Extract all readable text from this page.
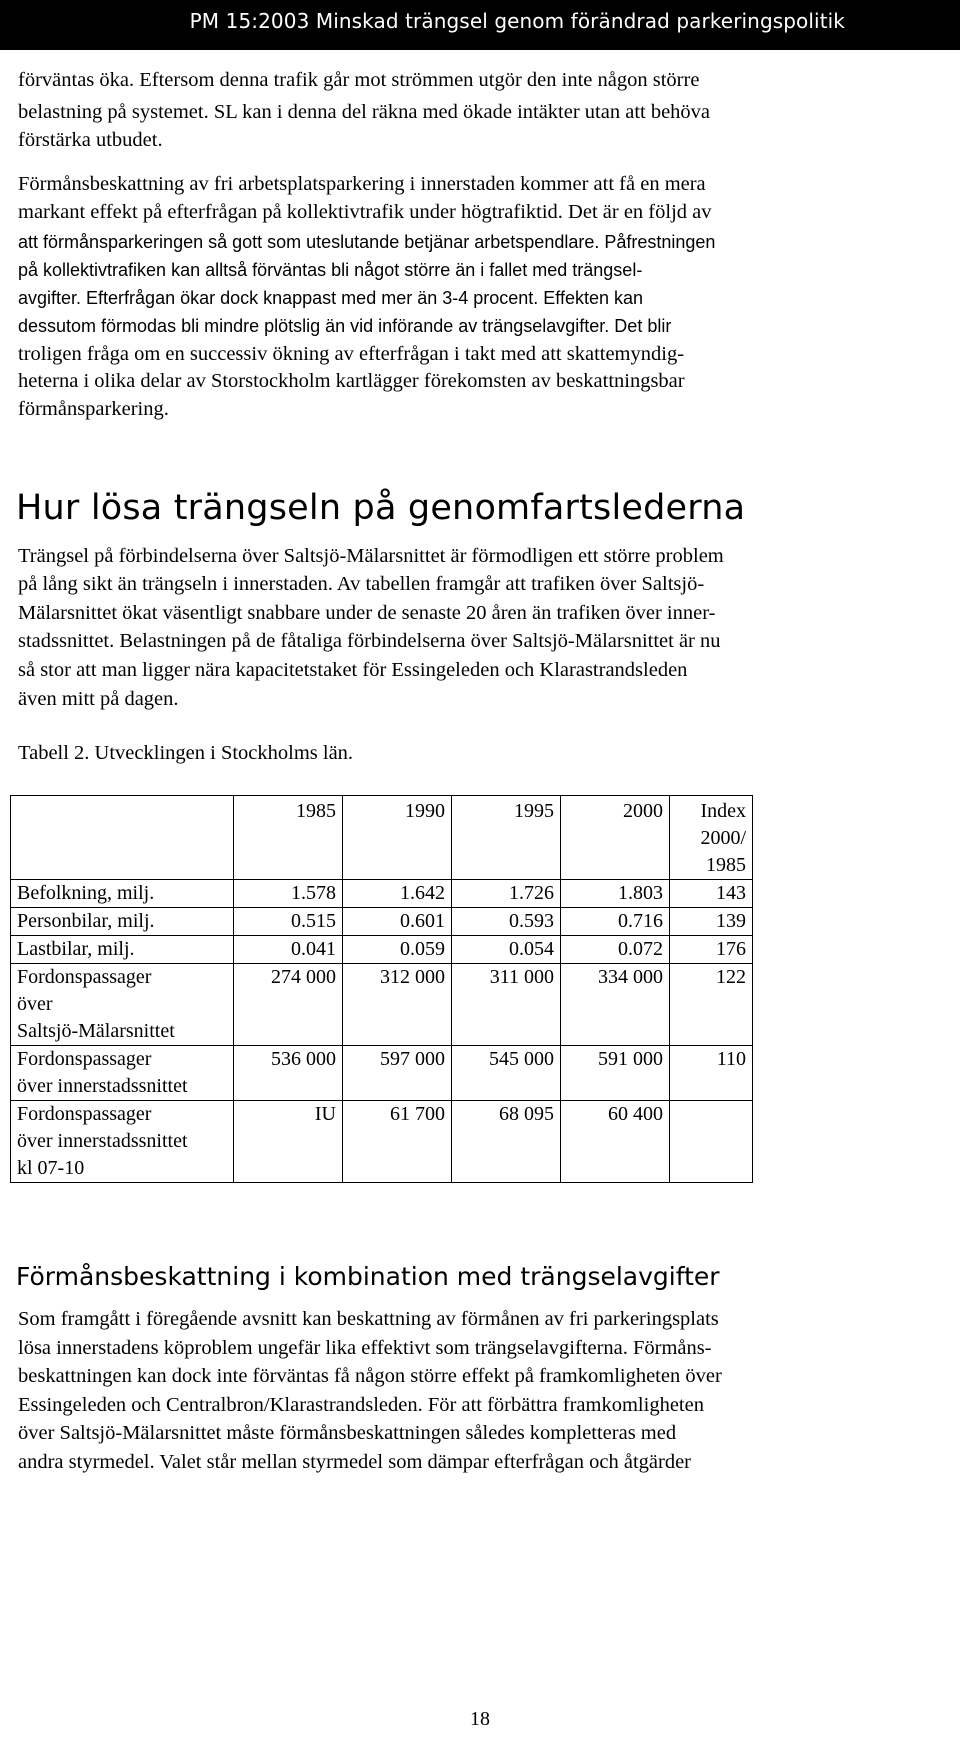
PM 15:2003 Minskad trängsel genom förändrad parkeringspolitik
förväntas öka. Eftersom denna trafik går mot strömmen utgör den inte någon större
belastning på systemet. SL kan i denna del räkna med ökade intäkter utan att behöva
förstärka utbudet.
Förmånsbeskattning av fri arbetsplatsparkering i innerstaden kommer att få en mera
markant effekt på efterfrågan på kollektivtrafik under högtrafiktid. Det är en följd av
att förmånsparkeringen så gott som uteslutande betjänar arbetspendlare. Påfrestningen
på kollektivtrafiken kan alltså förväntas bli något större än i fallet med trängsel-
avgifter. Efterfrågan ökar dock knappast med mer än 3-4 procent. Effekten kan
dessutom förmodas bli mindre plötslig än vid införande av trängselavgifter. Det blir
troligen fråga om en successiv ökning av efterfrågan i takt med att skattemyndig-
heterna i olika delar av Storstockholm kartlägger förekomsten av beskattningsbar
förmånsparkering.
Hur lösa trängseln på genomfartslederna
Trängsel på förbindelserna över Saltsjö-Mälarsnittet är förmodligen ett större problem
på lång sikt än trängseln i innerstaden. Av tabellen framgår att trafiken över Saltsjö-
Mälarsnittet ökat väsentligt snabbare under de senaste 20 åren än trafiken över inner-
stadssnittet. Belastningen på de fåtaliga förbindelserna över Saltsjö-Mälarsnittet är nu
så stor att man ligger nära kapacitetstaket för Essingeleden och Klarastrandsleden
även mitt på dagen.
Tabell 2. Utvecklingen i Stockholms län.
	1985	1990	1995	2000	Index
2000/
1985

Befolkning, milj.	1.578	1.642	1.726	1.803	143
Personbilar, milj.	0.515	0.601	0.593	0.716	139
Lastbilar, milj.	0.041	0.059	0.054	0.072	176

Fordonspassager
över
Saltsjö-Mälarsnittet	274 000	312 000	311 000	334 000	122

Fordonspassager
över innerstadssnittet	536 000	597 000	545 000	591 000	110

Fordonspassager
över innerstadssnittet
kl 07-10	IU	61 700	68 095	60 400	
Förmånsbeskattning i kombination med trängselavgifter
Som framgått i föregående avsnitt kan beskattning av förmånen av fri parkeringsplats
lösa innerstadens köproblem ungefär lika effektivt som trängselavgifterna. Förmåns-
beskattningen kan dock inte förväntas få någon större effekt på framkomligheten över
Essingeleden och Centralbron/Klarastrandsleden. För att förbättra framkomligheten
över Saltsjö-Mälarsnittet måste förmånsbeskattningen således kompletteras med
andra styrmedel. Valet står mellan styrmedel som dämpar efterfrågan och åtgärder
18
